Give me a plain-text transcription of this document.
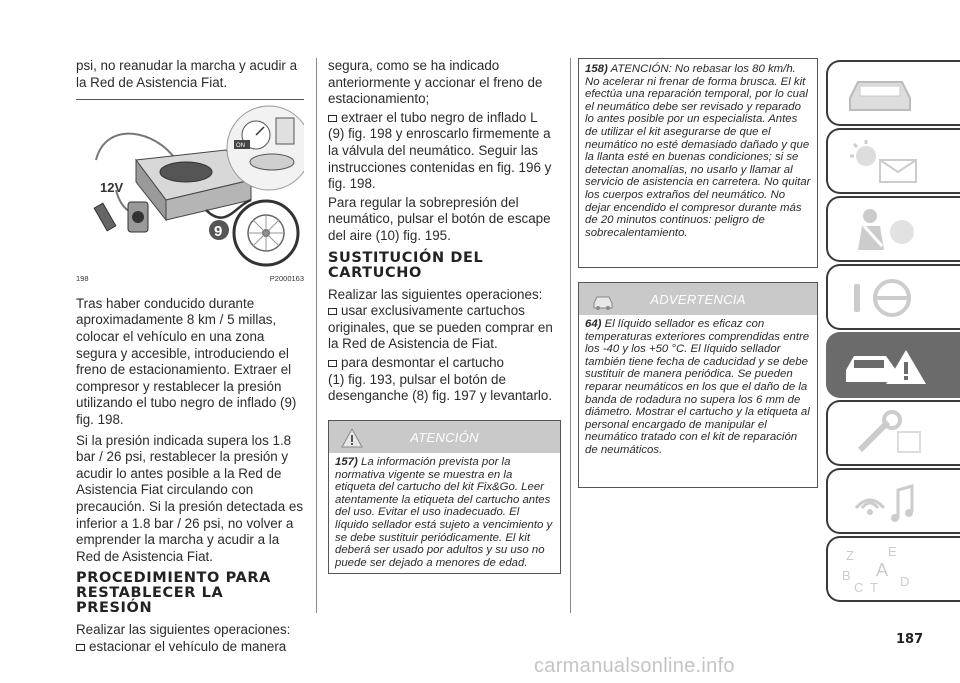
psi, no reanudar la marcha y acudir a la Red de Asistencia Fiat.
ON
12V
9
198	P2000163
Tras haber conducido durante aproximadamente 8 km / 5 millas, colocar el vehículo en una zona segura y accesible, introduciendo el freno de estacionamiento. Extraer el compresor y restablecer la presión utilizando el tubo negro de inflado (9) fig. 198.
Si la presión indicada supera los 1.8 bar / 26 psi, restablecer la presión y acudir lo antes posible a la Red de Asistencia Fiat circulando con precaución. Si la presión detectada es inferior a 1.8 bar / 26 psi, no volver a emprender la marcha y acudir a la Red de Asistencia Fiat.
PROCEDIMIENTO PARA RESTABLECER LA PRESIÓN
Realizar las siguientes operaciones:
estacionar el vehículo de manera
segura, como se ha indicado anteriormente y accionar el freno de estacionamiento;
extraer el tubo negro de inflado L
(9) fig. 198 y enroscarlo firmemente a la válvula del neumático. Seguir las instrucciones contenidas en fig. 196 y fig. 198.
Para regular la sobrepresión del neumático, pulsar el botón de escape del aire (10) fig. 195.
SUSTITUCIÓN DEL CARTUCHO
Realizar las siguientes operaciones:
usar exclusivamente cartuchos
originales, que se pueden comprar en la Red de Asistencia de Fiat.
para desmontar el cartucho
(1) fig. 193, pulsar el botón de desenganche (8) fig. 197 y levantarlo.
ATENCIÓN
157) La información prevista por la normativa vigente se muestra en la etiqueta del cartucho del kit Fix&Go. Leer atentamente la etiqueta del cartucho antes del uso. Evitar el uso inadecuado. El líquido sellador está sujeto a vencimiento y se debe sustituir periódicamente. El kit deberá ser usado por adultos y su uso no puede ser dejado a menores de edad.
158) ATENCIÓN: No rebasar los 80 km/h. No acelerar ni frenar de forma brusca. El kit efectúa una reparación temporal, por lo cual el neumático debe ser revisado y reparado lo antes posible por un especialista. Antes de utilizar el kit asegurarse de que el neumático no esté demasiado dañado y que la llanta esté en buenas condiciones; si se detectan anomalías, no usarlo y llamar al servicio de asistencia en carretera. No quitar los cuerpos extraños del neumático. No dejar encendido el compresor durante más de 20 minutos continuos: peligro de sobrecalentamiento.
ADVERTENCIA
64) El líquido sellador es eficaz con temperaturas exteriores comprendidas entre los -40 y los +50 °C. El líquido sellador también tiene fecha de caducidad y se debe sustituir de manera periódica. Se pueden reparar neumáticos en los que el daño de la banda de rodadura no supera los 6 mm de diámetro. Mostrar el cartucho y la etiqueta al personal encargado de manipular el neumático tratado con el kit de reparación de neumáticos.
Z	E
B A
C T D
187
carmanualsonline.info
